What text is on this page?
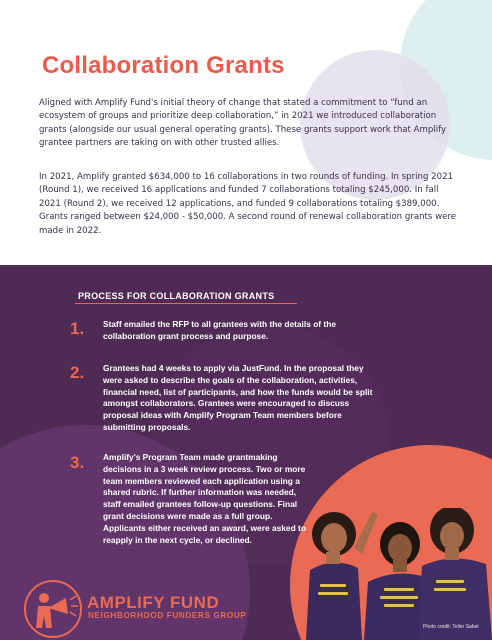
Collaboration Grants

Aligned with Amplify Fund's initial theory of change that stated a commitment to “fund an ecosystem of groups and prioritize deep collaboration,” in 2021 we introduced collaboration grants (alongside our usual general operating grants). These grants support work that Amplify grantee partners are taking on with other trusted allies.

In 2021, Amplify granted $634,000 to 16 collaborations in two rounds of funding. In spring 2021 (Round 1), we received 16 applications and funded 7 collaborations totaling $245,000. In fall 2021 (Round 2), we received 12 applications, and funded 9 collaborations totaling $389,000. Grants ranged between $24,000 - $50,000. A second round of renewal collaboration grants were made in 2022.

PROCESS FOR COLLABORATION GRANTS
1. Staff emailed the RFP to all grantees with the details of the collaboration grant process and purpose.
2. Grantees had 4 weeks to apply via JustFund. In the proposal they were asked to describe the goals of the collaboration, activities, financial need, list of participants, and how the funds would be split amongst collaborators. Grantees were encouraged to discuss proposal ideas with Amplify Program Team members before submitting proposals.
3. Amplify's Program Team made grantmaking decisions in a 3 week review process. Two or more team members reviewed each application using a shared rubric. If further information was needed, staff emailed grantees follow-up questions. Final grant decisions were made as a full group. Applicants either received an award, were asked to reapply in the next cycle, or declined.
Photo credit: Teller Sabel
AMPLIFY FUND
NEIGHBORHOOD FUNDERS GROUP
